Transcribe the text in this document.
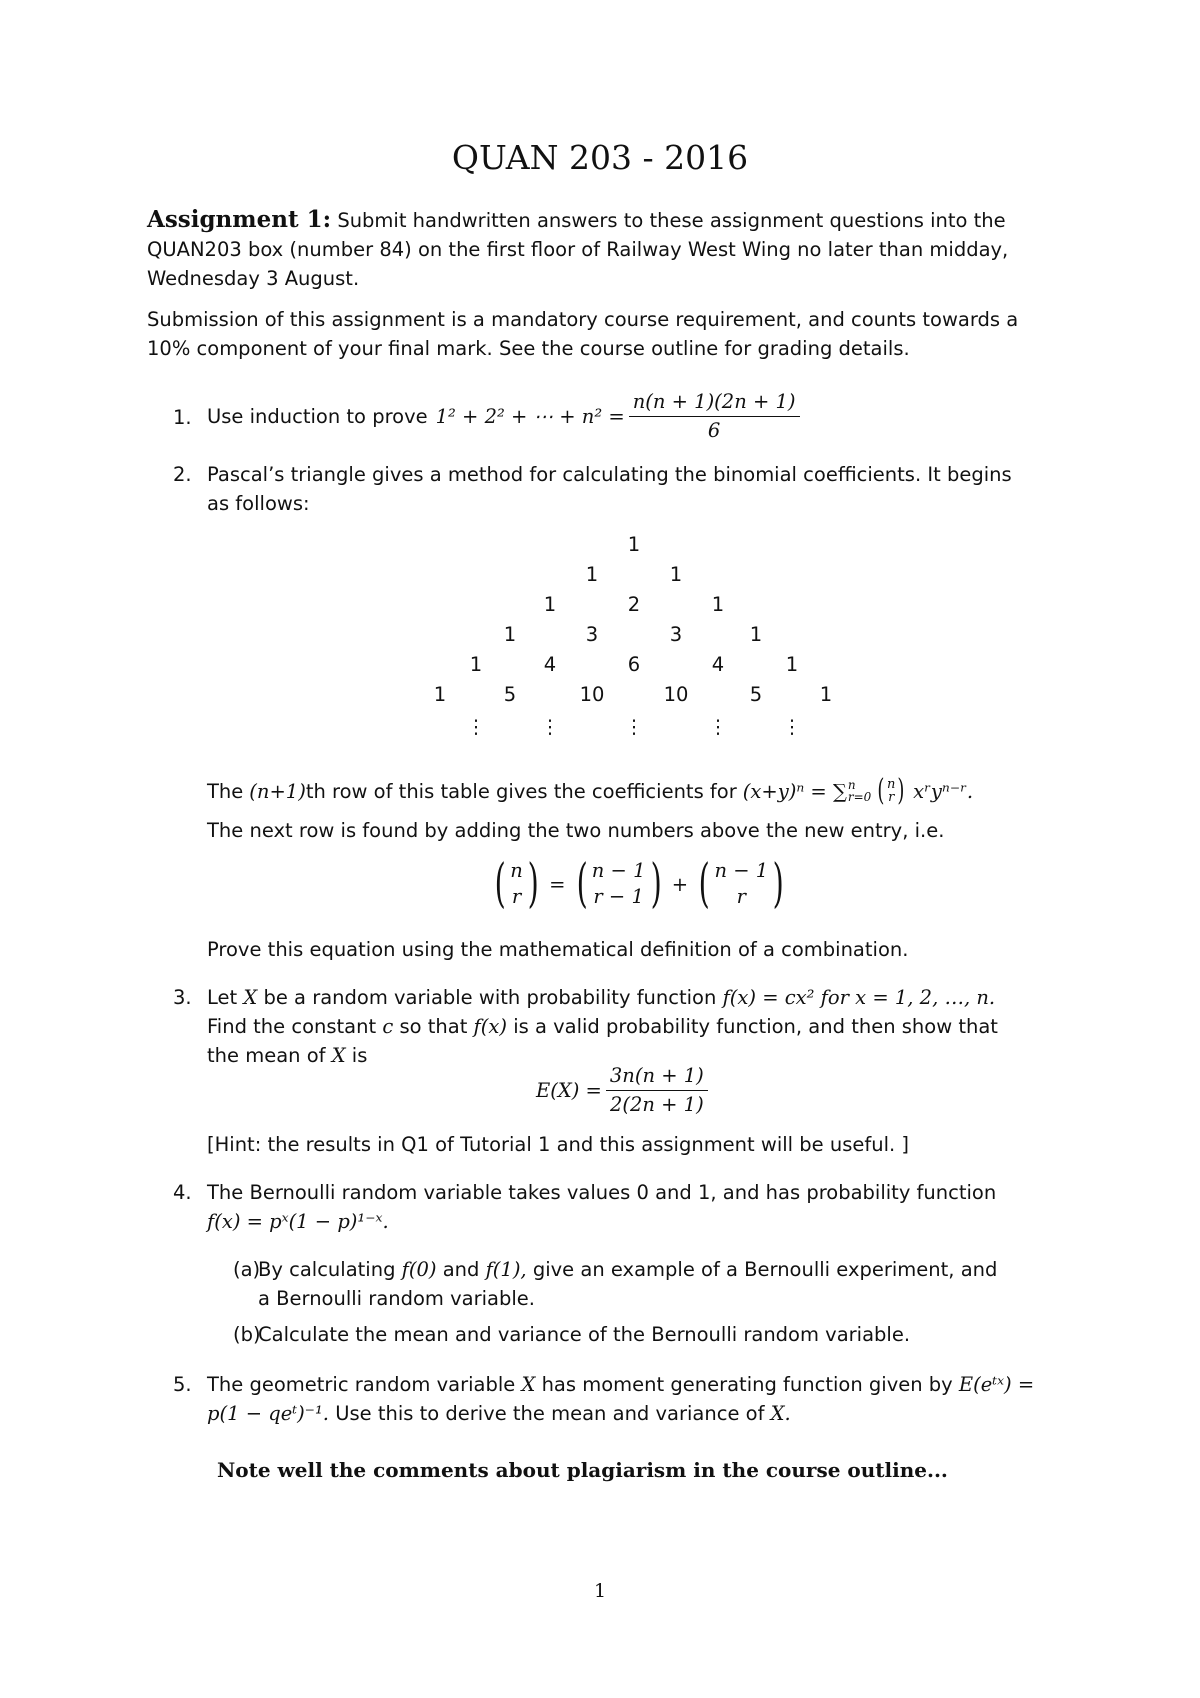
QUAN 203 - 2016
Assignment 1: Submit handwritten answers to these assignment questions into the
QUAN203 box (number 84) on the first floor of Railway West Wing no later than midday,
Wednesday 3 August.
Submission of this assignment is a mandatory course requirement, and counts towards a
10% component of your final mark. See the course outline for grading details.
1. Use induction to prove 1² + 2² + ⋯ + $n^2 = \frac{n(n + 1)(2n + 1)}{6}$
2. Pascal’s triangle gives a method for calculating the binomial coefficients. It begins
as follows:
1
1	1
1	2	1
1	3	3	1
1	4	6	4	1
1	5	10	10	5	1
⋮	⋮	⋮	⋮	⋮
The (n+1) th row of this table gives the coefficients for (x+y)ⁿ = ∑ n
r=0 ( n
r ) xʳyⁿ⁻ʳ.
The next row is found by adding the two numbers above the new entry, i.e.
( n
r ) = ( n − 1
r − 1 ) + ( n − 1
r )
Prove this equation using the mathematical definition of a combination.
3. Let X be a random variable with probability function f(x) = cx² for x = 1, 2, …, n.
Find the constant c so that f(x) is a valid probability function, and then show that
the mean of X is
$E(X) = \frac{3n(n + 1)}{2(2n + 1)}$
[Hint: the results in Q1 of Tutorial 1 and this assignment will be useful. ]
4. The Bernoulli random variable takes values 0 and 1, and has probability function
f(x) = pˣ(1 − p)¹⁻ˣ.
(a)
By calculating f(0) and f(1), give an example of a Bernoulli experiment, and
a Bernoulli random variable.
(b)
Calculate the mean and variance of the Bernoulli random variable.
5. The geometric random variable X has moment generating function given by E(eᵗˣ) =
p(1 − qeᵗ)⁻¹. Use this to derive the mean and variance of X.
Note well the comments about plagiarism in the course outline...
1
